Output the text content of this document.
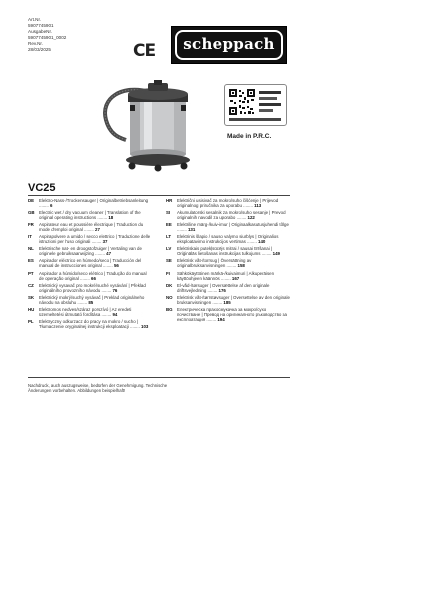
Art.Nr.
5907745901
AusgabeNr.
5907745901_0002
Rev.Nr.
28/03/2025	CE	scheppach
Made in P.R.C.
VC25
DE	Elektro-Nass-/Trockensauger | Originalbetriebsanleitung ........ 6
GB	Electric wet / dry vacuum cleaner | Translation of the original operating instructions ........ 18
FR	Aspirateur eau et poussière électrique | Traduction du mode d'emploi original ........ 27
IT	Aspirapolvere a umido / secco elettrico | Traduzione delle istruzioni per l'uso originali ........ 37
NL	Elektrische nat- en droogstofzuiger | Vertaling van de originele gebruiksaanwijzing ........ 47
ES	Aspirador eléctrico en húmedo/seco | Traducción del manual de instrucciones original ........ 56
PT	Aspirador a húmido/seco elétrico | Tradução do manual de operação original ........ 66
CZ	Elektrický vysavač pro mokré/suché vysávání | Překlad originálního provozního návodu ........ 76
SK	Elektrický mokrý/suchý vysávač | Preklad originálneho návodu na obsluhu ........ 85
HU	Elektromos nedves/száraz porszívó | Az eredeti üzemeltetési útmutató fordítása ........ 94
PL	Elektryczny odkurzacz do pracy na mokro / sucho | Tłumaczenie oryginalnej instrukcji eksploatacji ........ 103
HR	Električni usisivač za mokro/suho čišćenje | Prijevod originalnog priručnika za uporabu ........ 113
SI	Akumulatorski sesalnik za mokro/suho sesanje | Prevod originalnih navodil za uporabo ........ 122
EE	Elektriline märg-/kuiv-imur | Originaalkasutusjuhendi tõlge ........ 131
LT	Elektrinis šlapio / sauso valymo siurblys | Originalios eksploatavimo instrukcijos vertimas ........ 140
LV	Elektriskais putekļsūcējs mitrai / sausai tīrīšanai | Oriģinālās lietošanas instrukcijas tulkojums ........ 149
SE	Elektrisk våt-/torrsug | Översättning av originalbruksanvisningen ........ 158
FI	Sähkökäyttöinen märkä-/kuivaimuri | Alkuperäisen käyttöohjeen käännös ........ 167
DK	El-våd-/tørsuger | Oversættelse af den originale driftsvejledning ........ 176
NO	Elektrisk våt-/tørrstøvsuger | Oversettelse av den originale bruksanvisningen ........ 185
BG	Електрическа прахосмукачка за мокро/сухо почистване | Превод на оригиналното ръководство за експлоатация ........ 194
Nachdruck, auch auszugsweise, bedürfen der Genehmigung. Technische Änderungen vorbehalten. Abbildungen beispielhaft!
